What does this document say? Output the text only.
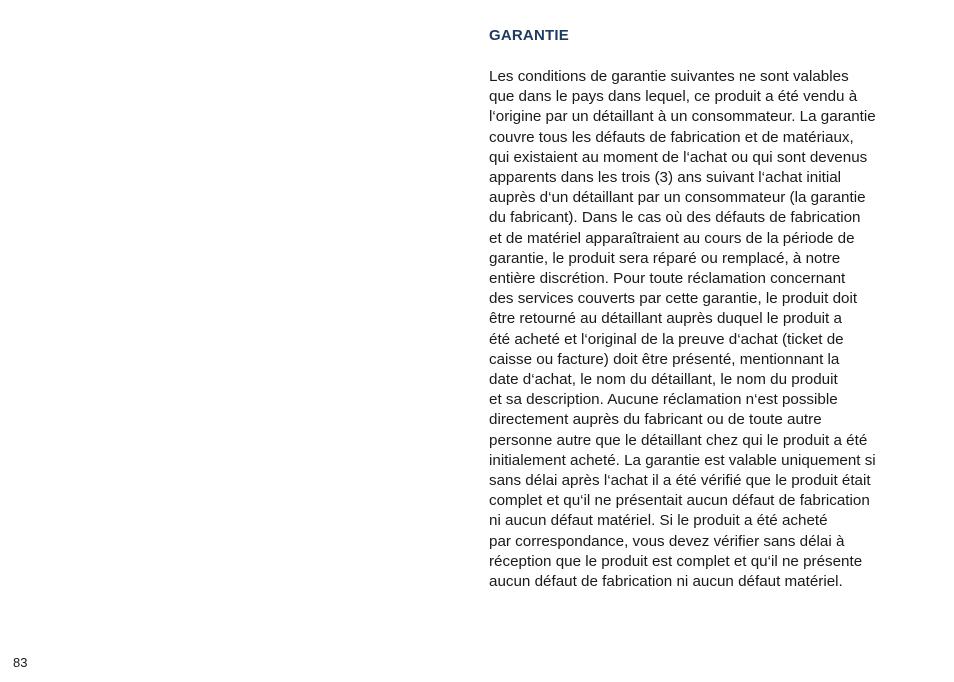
GARANTIE
Les conditions de garantie suivantes ne sont valables
que dans le pays dans lequel, ce produit a été vendu à
l‘origine par un détaillant à un consommateur. La garantie
couvre tous les défauts de fabrication et de matériaux,
qui existaient au moment de l‘achat ou qui sont devenus
apparents dans les trois (3) ans suivant l‘achat initial
auprès d‘un détaillant par un consommateur (la garantie
du fabricant). Dans le cas où des défauts de fabrication
et de matériel apparaîtraient au cours de la période de
garantie, le produit sera réparé ou remplacé, à notre
entière discrétion. Pour toute réclamation concernant
des services couverts par cette garantie, le produit doit
être retourné au détaillant auprès duquel le produit a
été acheté et l‘original de la preuve d‘achat (ticket de
caisse ou facture) doit être présenté, mentionnant la
date d‘achat, le nom du détaillant, le nom du produit
et sa description. Aucune réclamation n‘est possible
directement auprès du fabricant ou de toute autre
personne autre que le détaillant chez qui le produit a été
initialement acheté. La garantie est valable uniquement si
sans délai après l‘achat il a été vérifié que le produit était
complet et qu‘il ne présentait aucun défaut de fabrication
ni aucun défaut matériel. Si le produit a été acheté
par correspondance, vous devez vérifier sans délai à
réception que le produit est complet et qu‘il ne présente
aucun défaut de fabrication ni aucun défaut matériel.
83
